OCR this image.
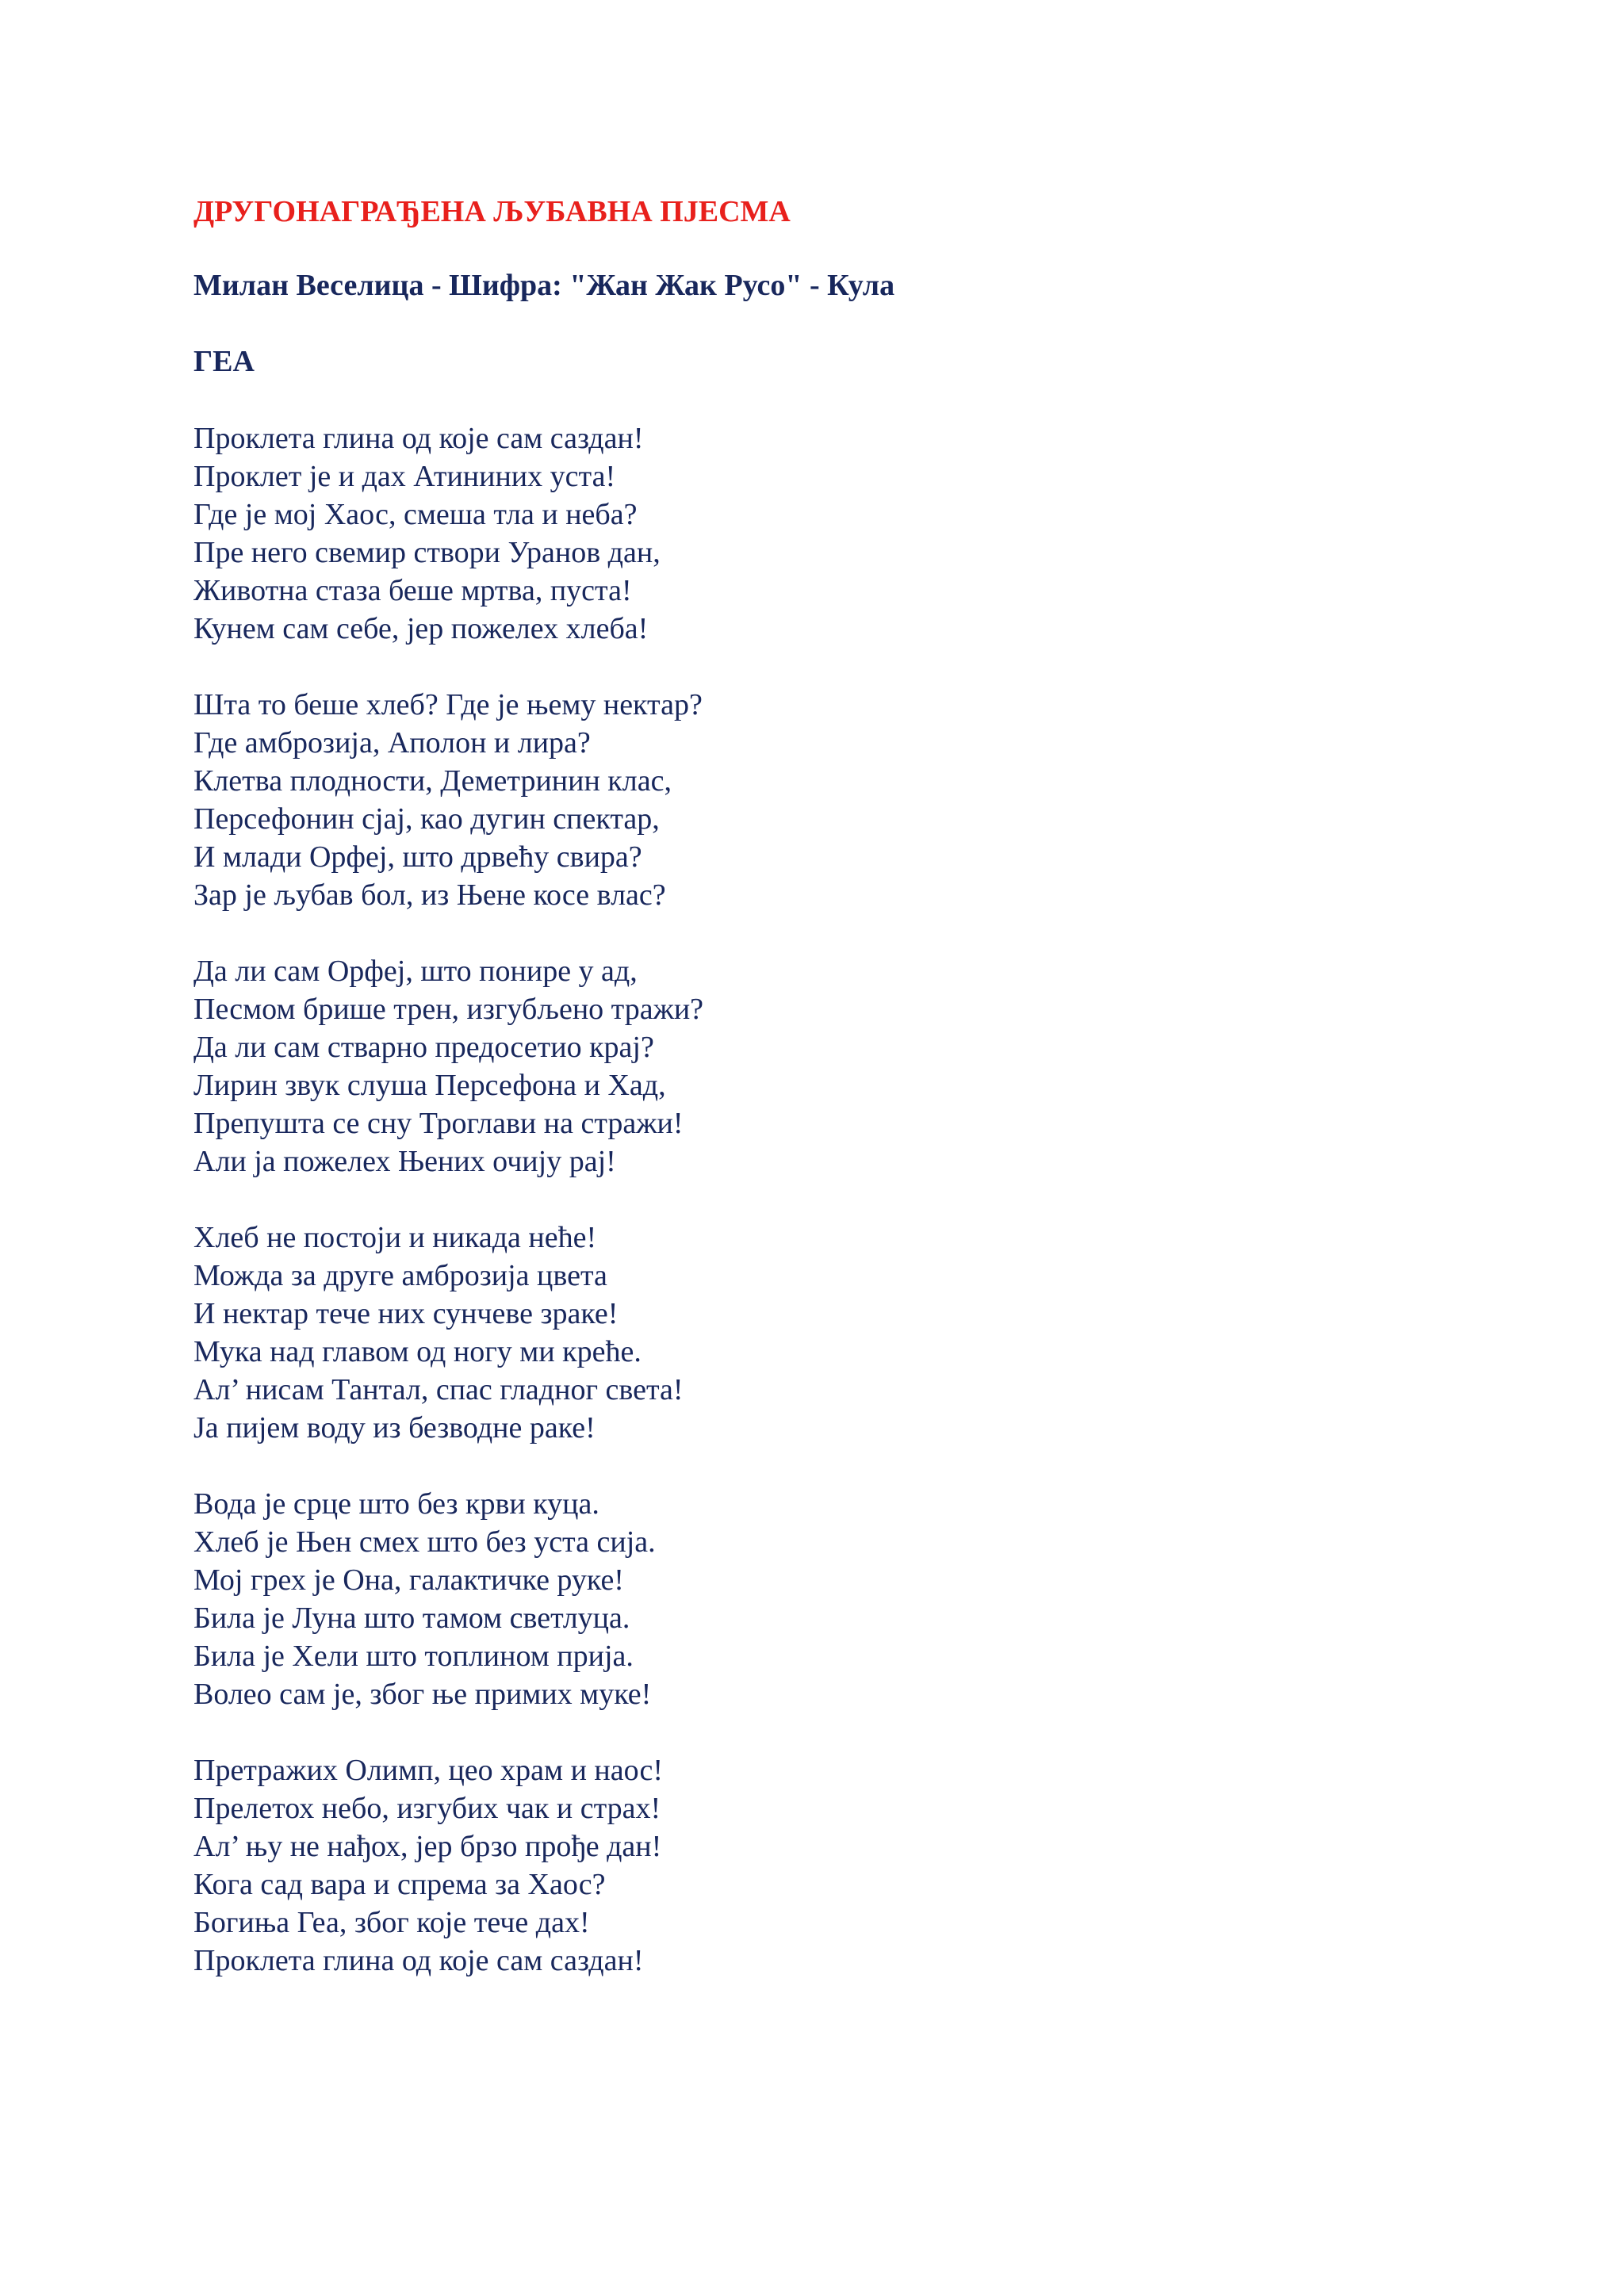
ДРУГОНАГРАЂЕНА ЉУБАВНА ПЈЕСМА
Милан Веселица - Шифра: "Жан Жак Русо" - Кула
ГЕА
Проклета глина од које сам саздан!
Проклет је и дах Атининих уста!
Где је мој Хаос, смеша тла и неба?
Пре него свемир створи Уранов дан,
Животна стаза беше мртва, пуста!
Кунем сам себе, јер пожелех хлеба!
Шта то беше хлеб? Где је њему нектар?
Где амброзија, Аполон и лира?
Клетва плодности, Деметринин клас,
Персефонин сјај, као дугин спектар,
И млади Орфеј, што дрвећу свира?
Зар је љубав бол, из Њене косе влас?
Да ли сам Орфеј, што понире у ад,
Песмом брише трен, изгубљено тражи?
Да ли сам стварно предосетио крај?
Лирин звук слуша Персефона и Хад,
Препушта се сну Троглави на стражи!
Али ја пожелех Њених очију рај!
Хлеб не постоји и никада неће!
Можда за друге амброзија цвета
И нектар тече них сунчеве зраке!
Мука над главом од ногу ми креће.
Ал’ нисам Тантал, спас гладног света!
Ја пијем воду из безводне раке!
Вода је срце што без крви куца.
Хлеб је Њен смех што без уста сија.
Мој грех је Она, галактичке руке!
Била је Луна што тамом светлуца.
Била је Хели што топлином прија.
Волео сам је, због ње примих муке!
Претражих Олимп, цео храм и наос!
Прелетох небо, изгубих чак и страх!
Ал’ њу не нађох, јер брзо прође дан!
Кога сад вара и спрема за Хаос?
Богиња Геа, због које тече дах!
Проклета глина од које сам саздан!
